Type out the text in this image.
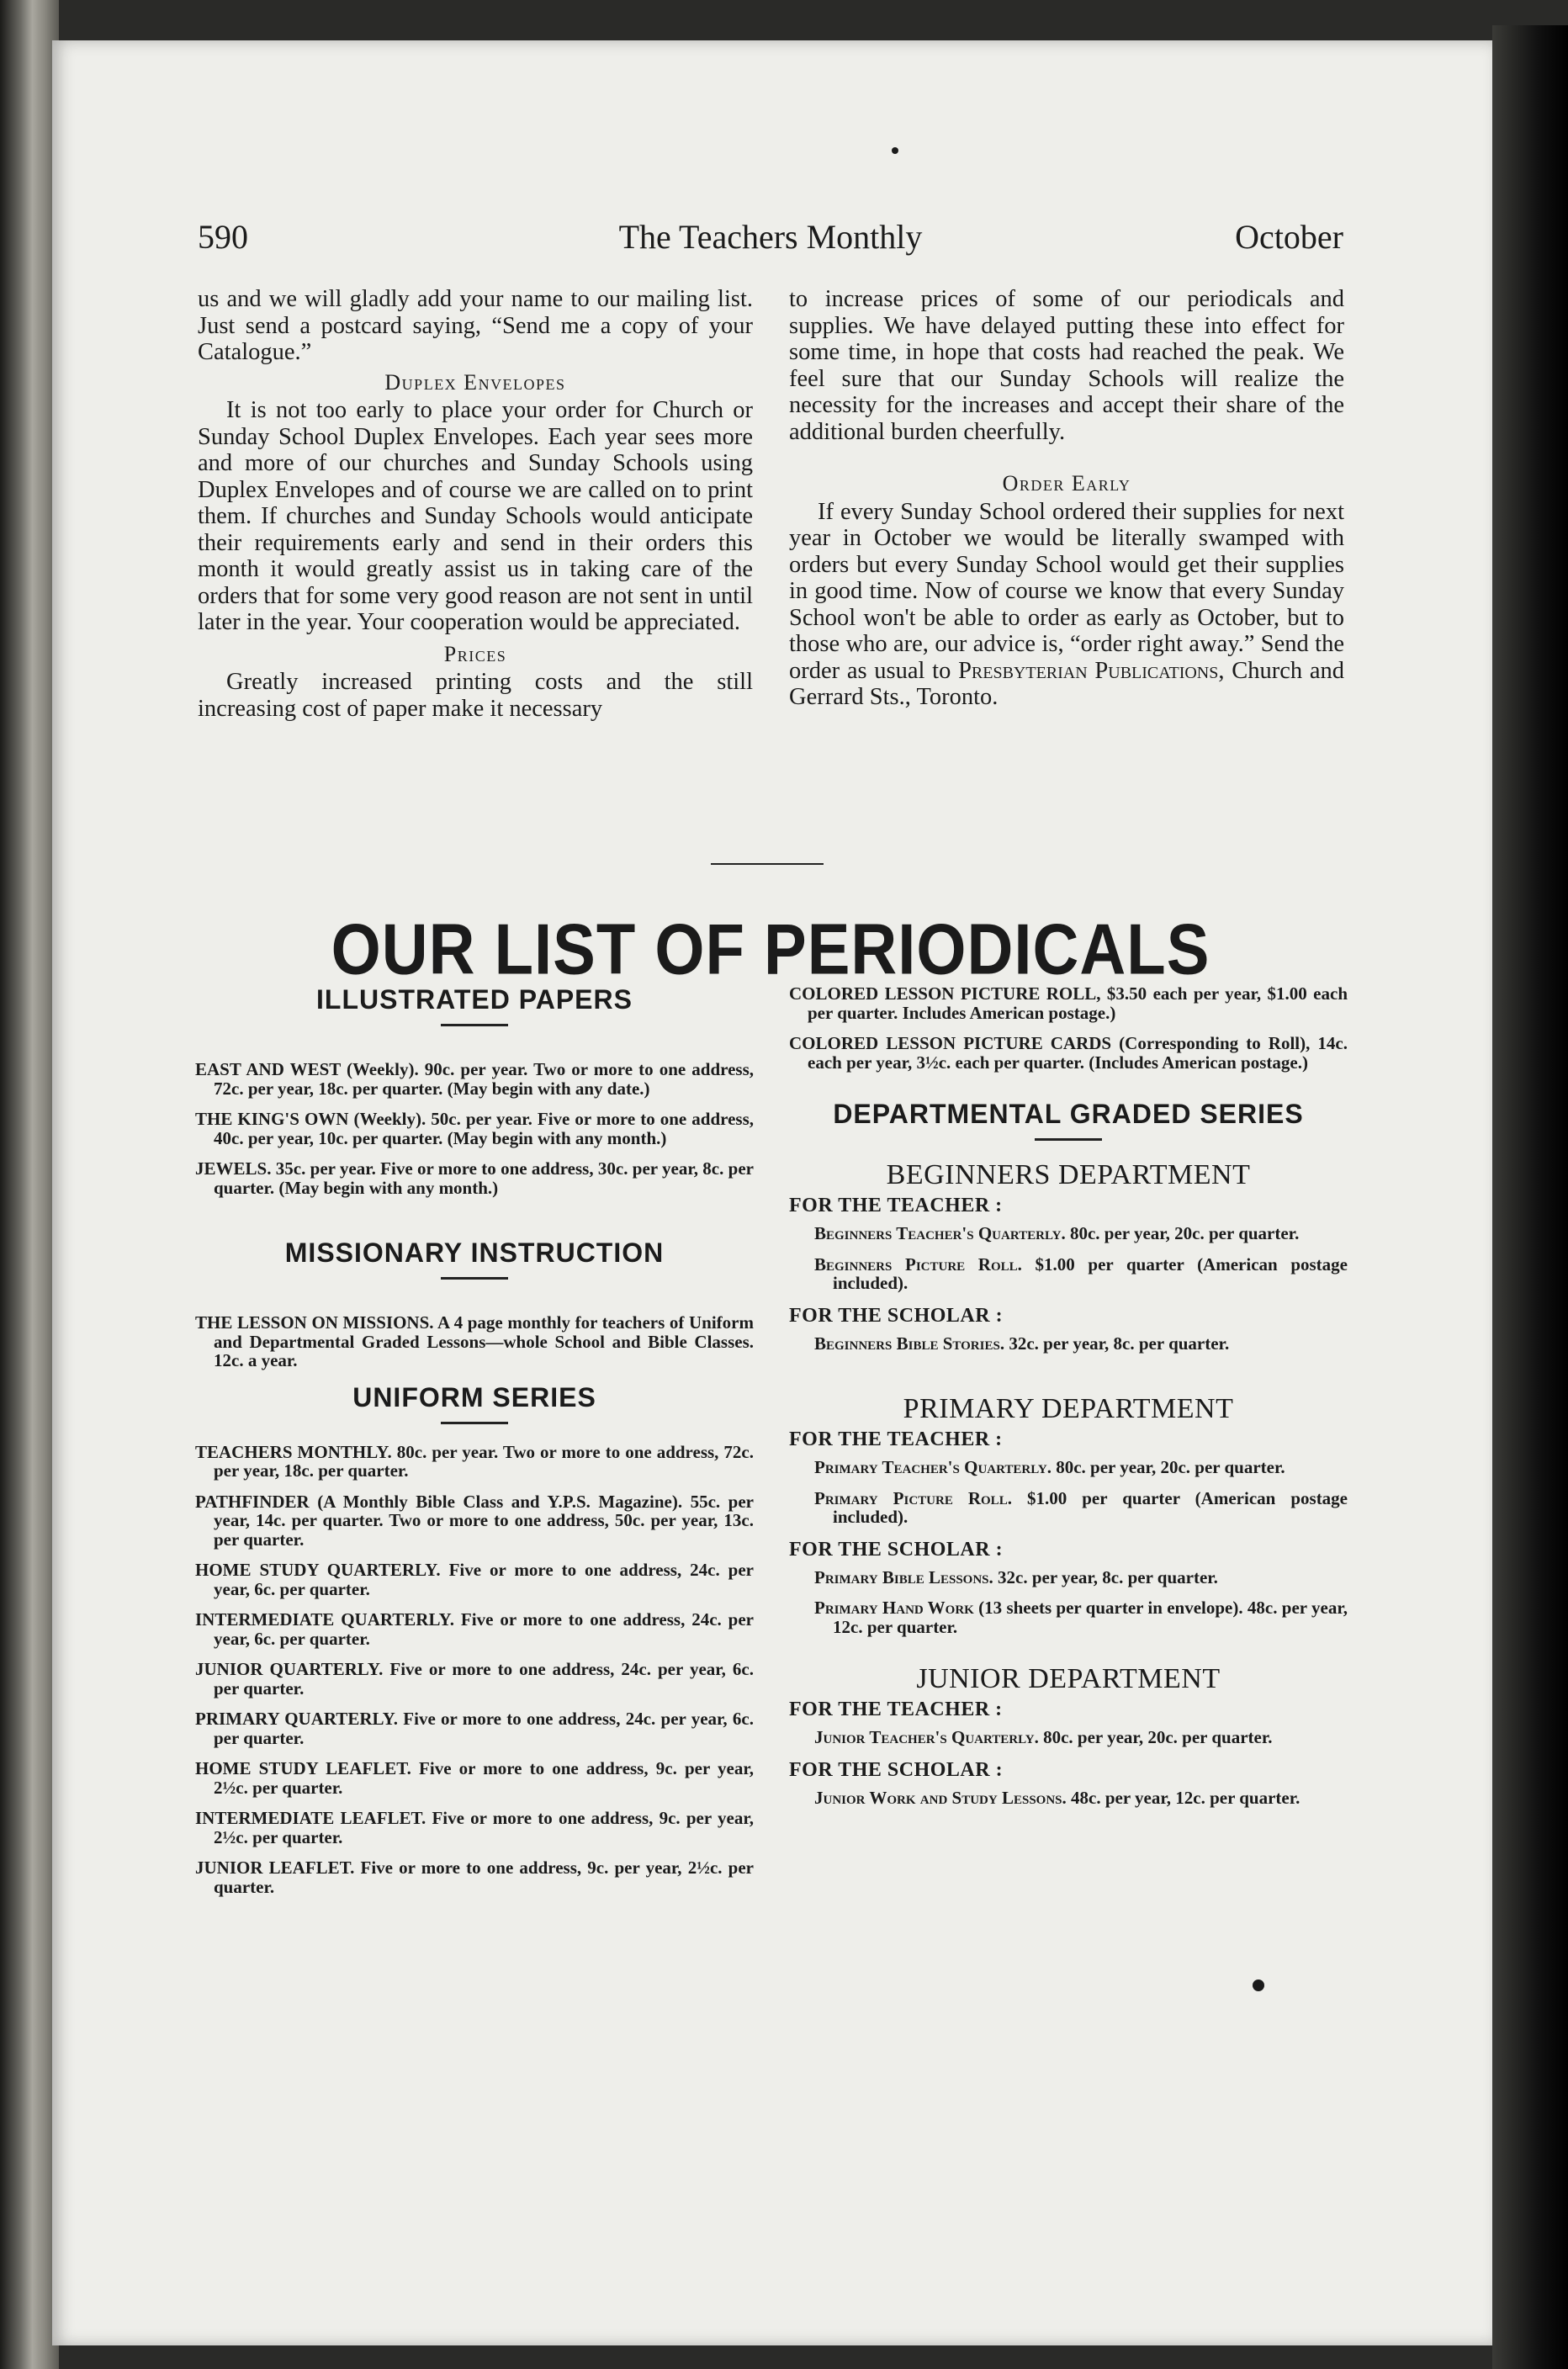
The Teachers Monthly
590	October

us and we will gladly add your name to our mailing list. Just send a postcard saying, “Send me a copy of your Catalogue.”

Duplex Envelopes

It is not too early to place your order for Church or Sunday School Duplex Envelopes. Each year sees more and more of our churches and Sunday Schools using Duplex Envelopes and of course we are called on to print them. If churches and Sunday Schools would anticipate their requirements early and send in their orders this month it would greatly assist us in taking care of the orders that for some very good reason are not sent in until later in the year. Your cooperation would be appreciated.

Prices

Greatly increased printing costs and the still increasing cost of paper make it necessary

to increase prices of some of our periodicals and supplies. We have delayed putting these into effect for some time, in hope that costs had reached the peak. We feel sure that our Sunday Schools will realize the necessity for the increases and accept their share of the additional burden cheerfully.

Order Early

If every Sunday School ordered their supplies for next year in October we would be literally swamped with orders but every Sunday School would get their supplies in good time. Now of course we know that every Sunday School won't be able to order as early as October, but to those who are, our advice is, “order right away.” Send the order as usual to Presbyterian Publications, Church and Gerrard Sts., Toronto.

OUR LIST OF PERIODICALS
ILLUSTRATED PAPERS
EAST AND WEST (Weekly). 90c. per year. Two or more to one address, 72c. per year, 18c. per quarter. (May begin with any date.)
THE KING'S OWN (Weekly). 50c. per year. Five or more to one address, 40c. per year, 10c. per quarter. (May begin with any month.)
JEWELS. 35c. per year. Five or more to one address, 30c. per year, 8c. per quarter. (May begin with any month.)
MISSIONARY INSTRUCTION
THE LESSON ON MISSIONS. A 4 page monthly for teachers of Uniform and Departmental Graded Lessons—whole School and Bible Classes. 12c. a year.
UNIFORM SERIES
TEACHERS MONTHLY. 80c. per year. Two or more to one address, 72c. per year, 18c. per quarter.
PATHFINDER (A Monthly Bible Class and Y.P.S. Magazine). 55c. per year, 14c. per quarter. Two or more to one address, 50c. per year, 13c. per quarter.
HOME STUDY QUARTERLY. Five or more to one address, 24c. per year, 6c. per quarter.
INTERMEDIATE QUARTERLY. Five or more to one address, 24c. per year, 6c. per quarter.
JUNIOR QUARTERLY. Five or more to one address, 24c. per year, 6c. per quarter.
PRIMARY QUARTERLY. Five or more to one address, 24c. per year, 6c. per quarter.
HOME STUDY LEAFLET. Five or more to one address, 9c. per year, 2½c. per quarter.
INTERMEDIATE LEAFLET. Five or more to one address, 9c. per year, 2½c. per quarter.
JUNIOR LEAFLET. Five or more to one address, 9c. per year, 2½c. per quarter.
COLORED LESSON PICTURE ROLL, $3.50 each per year, $1.00 each per quarter. Includes American postage.)
COLORED LESSON PICTURE CARDS (Corresponding to Roll), 14c. each per year, 3½c. each per quarter. (Includes American postage.)
DEPARTMENTAL GRADED SERIES
BEGINNERS DEPARTMENT
FOR THE TEACHER :
Beginners Teacher's Quarterly. 80c. per year, 20c. per quarter.
Beginners Picture Roll. $1.00 per quarter (American postage included).
FOR THE SCHOLAR :
Beginners Bible Stories. 32c. per year, 8c. per quarter.
PRIMARY DEPARTMENT
FOR THE TEACHER :
Primary Teacher's Quarterly. 80c. per year, 20c. per quarter.
Primary Picture Roll. $1.00 per quarter (American postage included).
FOR THE SCHOLAR :
Primary Bible Lessons. 32c. per year, 8c. per quarter.
Primary Hand Work (13 sheets per quarter in envelope). 48c. per year, 12c. per quarter.
JUNIOR DEPARTMENT
FOR THE TEACHER :
Junior Teacher's Quarterly. 80c. per year, 20c. per quarter.
FOR THE SCHOLAR :
Junior Work and Study Lessons. 48c. per year, 12c. per quarter.
